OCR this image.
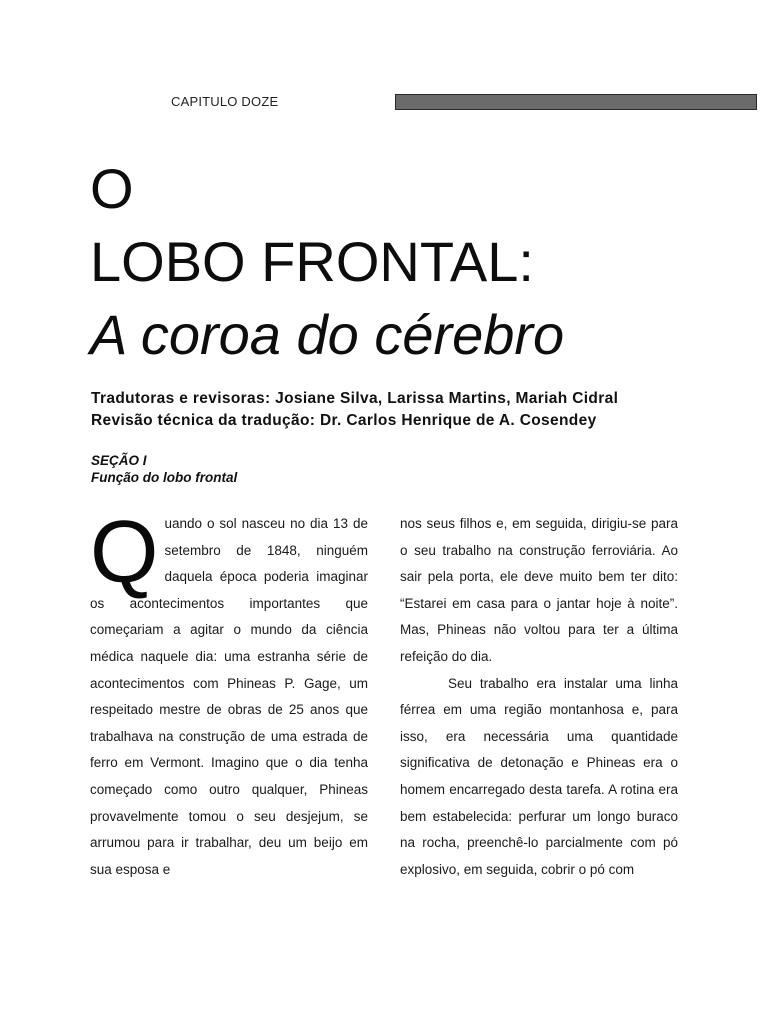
CAPITULO DOZE
O
LOBO FRONTAL:
A coroa do cérebro
Tradutoras e revisoras: Josiane Silva, Larissa Martins, Mariah Cidral
Revisão técnica da tradução: Dr. Carlos Henrique de A. Cosendey
SEÇÃO I
Função do lobo frontal

Quando o sol nasceu no dia 13 de setembro de 1848, ninguém daquela época poderia imaginar os acontecimentos importantes que começariam a agitar o mundo da ciência médica naquele dia: uma estranha série de acontecimentos com Phineas P. Gage, um respeitado mestre de obras de 25 anos que trabalhava na construção de uma estrada de ferro em Vermont. Imagino que o dia tenha começado como outro qualquer, Phineas provavelmente tomou o seu desjejum, se arrumou para ir trabalhar, deu um beijo em sua esposa e

nos seus filhos e, em seguida, dirigiu-se para o seu trabalho na construção ferroviária. Ao sair pela porta, ele deve muito bem ter dito: “Estarei em casa para o jantar hoje à noite”. Mas, Phineas não voltou para ter a última refeição do dia.

Seu trabalho era instalar uma linha férrea em uma região montanhosa e, para isso, era necessária uma quantidade significativa de detonação e Phineas era o homem encarregado desta tarefa. A rotina era bem estabelecida: perfurar um longo buraco na rocha, preenchê-lo parcialmente com pó explosivo, em seguida, cobrir o pó com
